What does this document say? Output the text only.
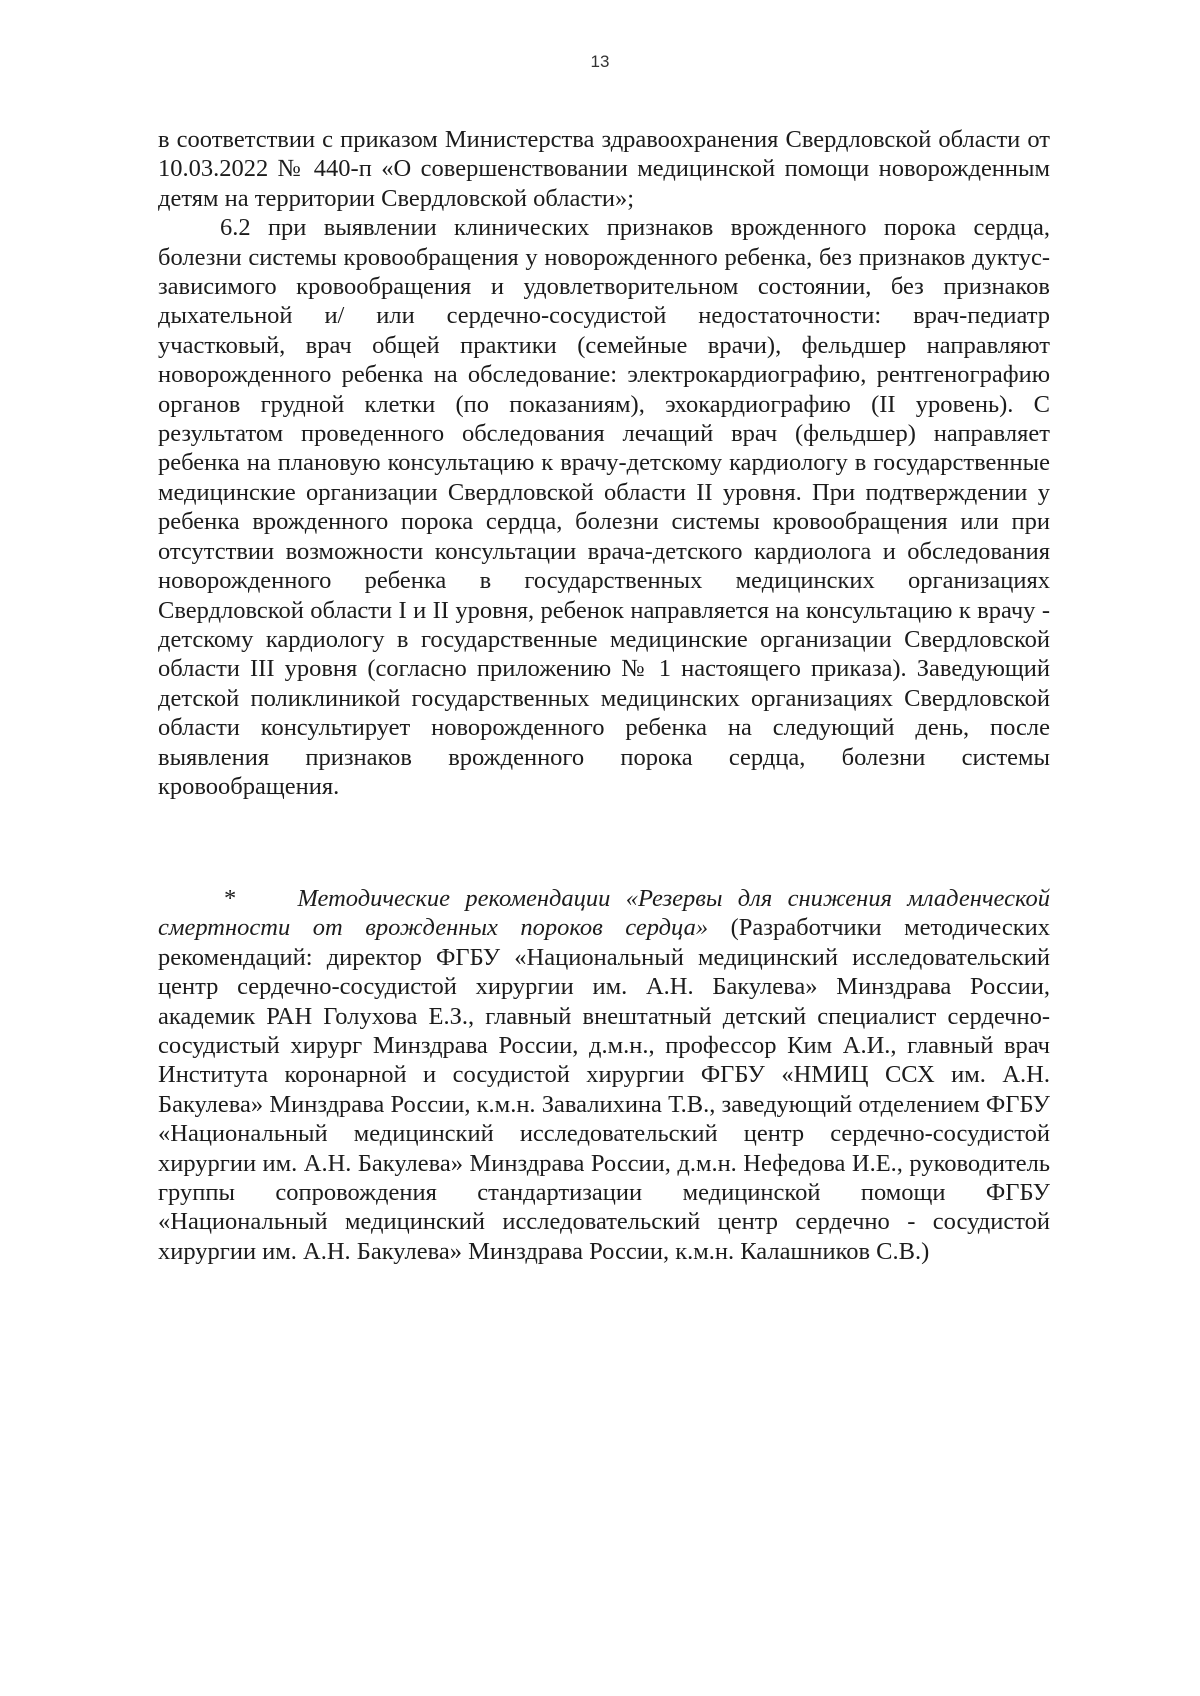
13

в соответствии с приказом Министерства здравоохранения Свердловской области от 10.03.2022 № 440-п «О совершенствовании медицинской помощи новорожденным детям на территории Свердловской области»;

6.2 при выявлении клинических признаков врожденного порока сердца, болезни системы кровообращения у новорожденного ребенка, без признаков дуктус-зависимого кровообращения и удовлетворительном состоянии, без признаков дыхательной и/ или сердечно-сосудистой недостаточности: врач-педиатр участковый, врач общей практики (семейные врачи), фельдшер направляют новорожденного ребенка на обследование: электрокардиографию, рентгенографию органов грудной клетки (по показаниям), эхокардиографию (II уровень). С результатом проведенного обследования лечащий врач (фельдшер) направляет ребенка на плановую консультацию к врачу-детскому кардиологу в государственные медицинские организации Свердловской области II уровня. При подтверждении у ребенка врожденного порока сердца, болезни системы кровообращения или при отсутствии возможности консультации врача-детского кардиолога и обследования новорожденного ребенка в государственных медицинских организациях Свердловской области I и II уровня, ребенок направляется на консультацию к врачу - детскому кардиологу в государственные медицинские организации Свердловской области III уровня (согласно приложению № 1 настоящего приказа). Заведующий детской поликлиникой государственных медицинских организациях Свердловской области консультирует новорожденного ребенка на следующий день, после выявления признаков врожденного порока сердца, болезни системы кровообращения.

* Методические рекомендации «Резервы для снижения младенческой смертности от врожденных пороков сердца» (Разработчики методических рекомендаций: директор ФГБУ «Национальный медицинский исследовательский центр сердечно-сосудистой хирургии им. А.Н. Бакулева» Минздрава России, академик РАН Голухова Е.З., главный внештатный детский специалист сердечно-сосудистый хирург Минздрава России, д.м.н., профессор Ким А.И., главный врач Института коронарной и сосудистой хирургии ФГБУ «НМИЦ ССХ им. А.Н. Бакулева» Минздрава России, к.м.н. Завалихина Т.В., заведующий отделением ФГБУ «Национальный медицинский исследовательский центр сердечно-сосудистой хирургии им. А.Н. Бакулева» Минздрава России, д.м.н. Нефедова И.Е., руководитель группы сопровождения стандартизации медицинской помощи ФГБУ «Национальный медицинский исследовательский центр сердечно - сосудистой хирургии им. А.Н. Бакулева» Минздрава России, к.м.н. Калашников С.В.)
